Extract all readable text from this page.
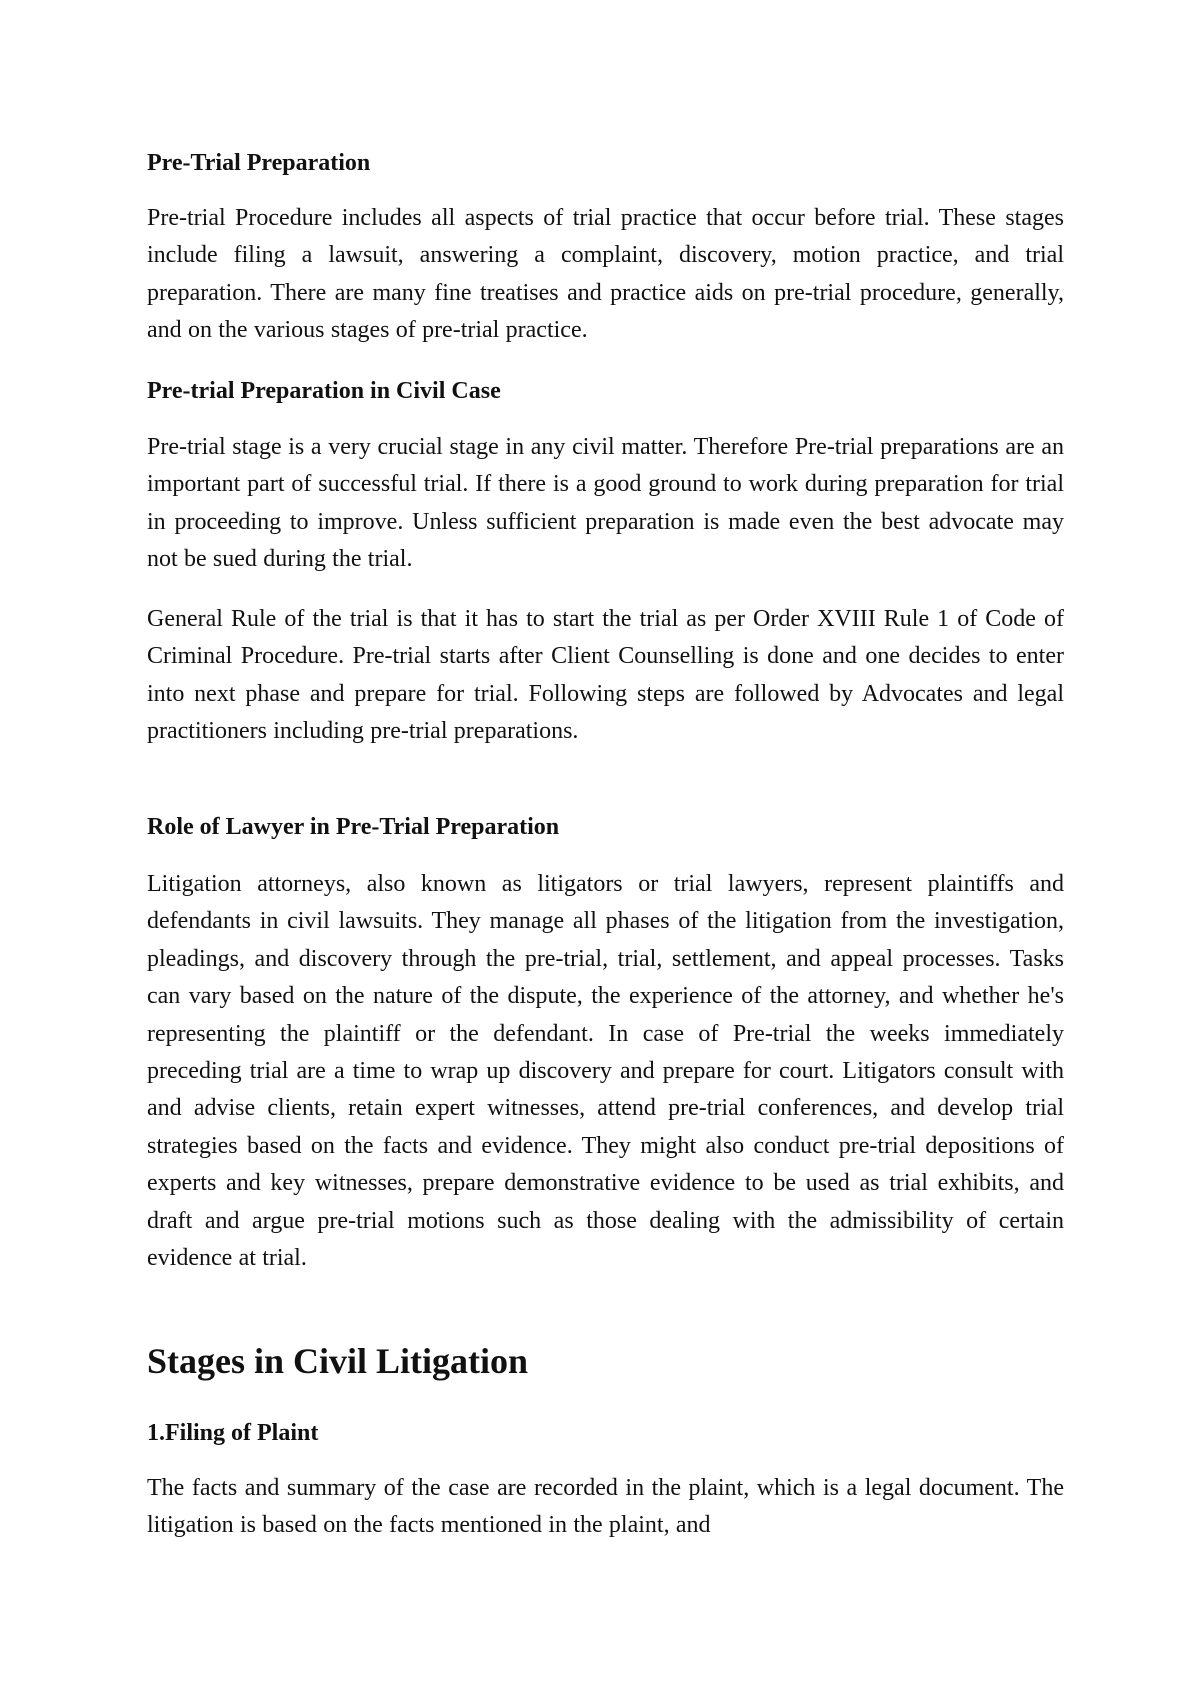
Pre-Trial Preparation

Pre-trial Procedure includes all aspects of trial practice that occur before trial. These stages include filing a lawsuit, answering a complaint, discovery, motion practice, and trial preparation. There are many fine treatises and practice aids on pre-trial procedure, generally, and on the various stages of pre-trial practice.

Pre-trial Preparation in Civil Case

Pre-trial stage is a very crucial stage in any civil matter. Therefore Pre-trial preparations are an important part of successful trial. If there is a good ground to work during preparation for trial in proceeding to improve. Unless sufficient preparation is made even the best advocate may not be sued during the trial.

General Rule of the trial is that it has to start the trial as per Order XVIII Rule 1 of Code of Criminal Procedure. Pre-trial starts after Client Counselling is done and one decides to enter into next phase and prepare for trial. Following steps are followed by Advocates and legal practitioners including pre-trial preparations.

Role of Lawyer in Pre-Trial Preparation

Litigation attorneys, also known as litigators or trial lawyers, represent plaintiffs and defendants in civil lawsuits. They manage all phases of the litigation from the investigation, pleadings, and discovery through the pre-trial, trial, settlement, and appeal processes. Tasks can vary based on the nature of the dispute, the experience of the attorney, and whether he's representing the plaintiff or the defendant. In case of Pre-trial the weeks immediately preceding trial are a time to wrap up discovery and prepare for court. Litigators consult with and advise clients, retain expert witnesses, attend pre-trial conferences, and develop trial strategies based on the facts and evidence. They might also conduct pre-trial depositions of experts and key witnesses, prepare demonstrative evidence to be used as trial exhibits, and draft and argue pre-trial motions such as those dealing with the admissibility of certain evidence at trial.

Stages in Civil Litigation
1.Filing of Plaint

The facts and summary of the case are recorded in the plaint, which is a legal document. The litigation is based on the facts mentioned in the plaint, and
